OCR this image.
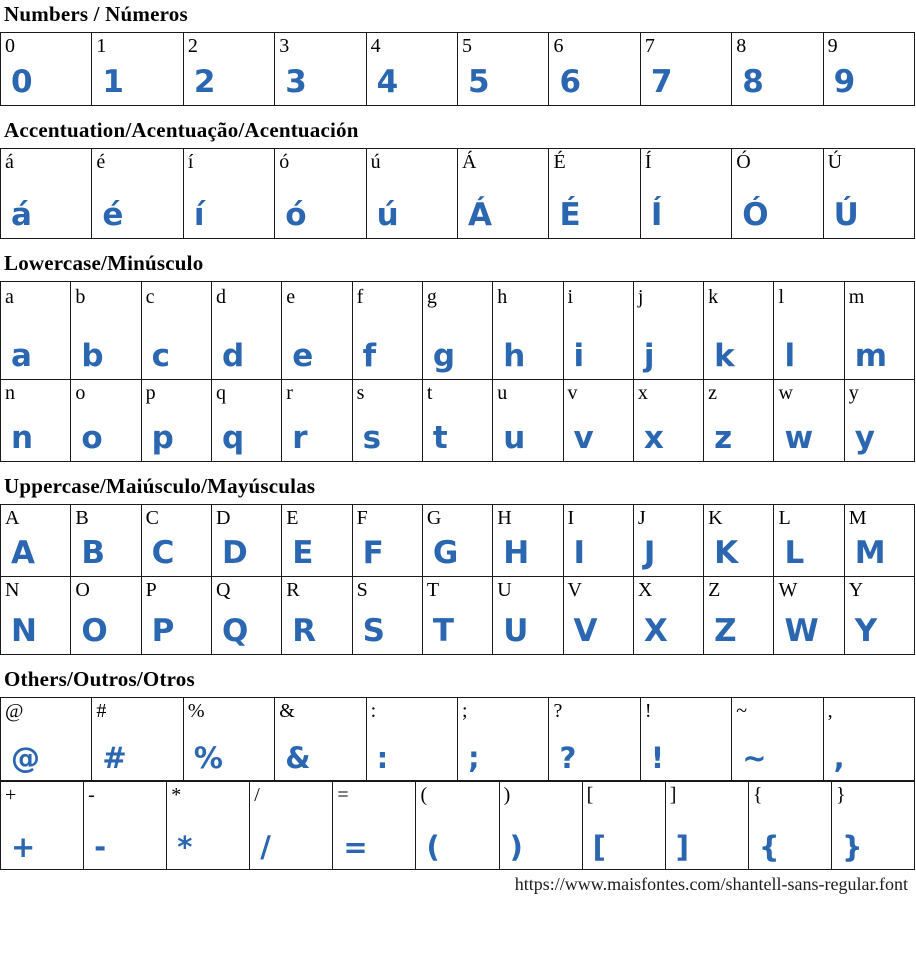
Numbers / Números
0
0
1
1
2
2
3
3
4
4
5
5
6
6
7
7
8
8
9
9
Accentuation/Acentuação/Acentuación
á
á
é
é
í
í
ó
ó
ú
ú
Á
Á
É
É
Í
Í
Ó
Ó
Ú
Ú
Lowercase/Minúsculo
a
a
b
b
c
c
d
d
e
e
f
f
g
g
h
h
i
i
j
j
k
k
l
l
m
m
n
n
o
o
p
p
q
q
r
r
s
s
t
t
u
u
v
v
x
x
z
z
w
w
y
y
Uppercase/Maiúsculo/Mayúsculas
A
A
B
B
C
C
D
D
E
E
F
F
G
G
H
H
I
I
J
J
K
K
L
L
M
M
N
N
O
O
P
P
Q
Q
R
R
S
S
T
T
U
U
V
V
X
X
Z
Z
W
W
Y
Y
Others/Outros/Otros
@
@
#
#
%
%
&
&
:
:
;
;
?
?
!
!
~
~
,
,
+
+
-
-
*
*
/
/
=
=
(
(
)
)
[
[
]
]
{
{
}
}
https://www.maisfontes.com/shantell-sans-regular.font
